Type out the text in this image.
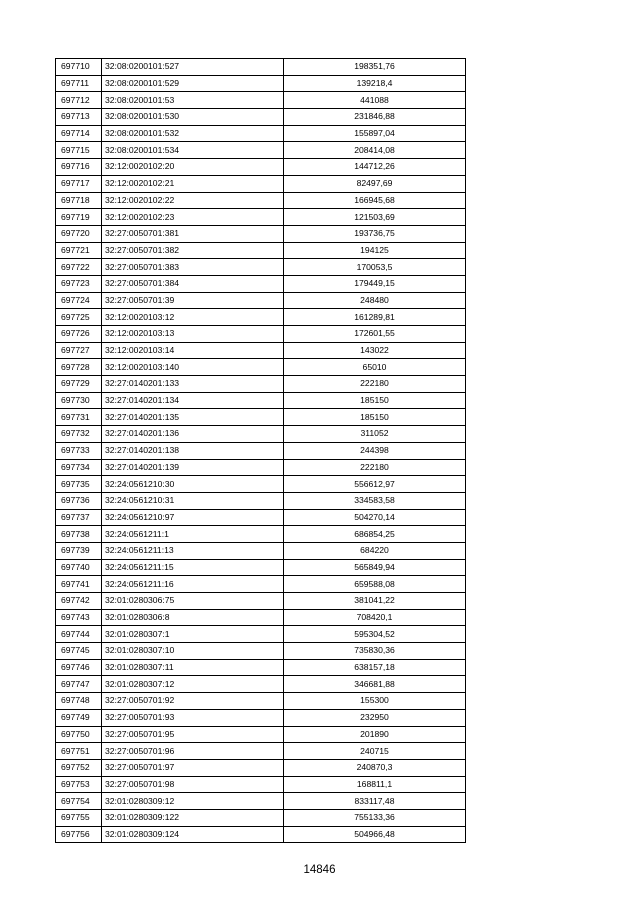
697710	32:08:0200101:527	198351,76
697711	32:08:0200101:529	139218,4
697712	32:08:0200101:53	441088
697713	32:08:0200101:530	231846,88
697714	32:08:0200101:532	155897,04
697715	32:08:0200101:534	208414,08
697716	32:12:0020102:20	144712,26
697717	32:12:0020102:21	82497,69
697718	32:12:0020102:22	166945,68
697719	32:12:0020102:23	121503,69
697720	32:27:0050701:381	193736,75
697721	32:27:0050701:382	194125
697722	32:27:0050701:383	170053,5
697723	32:27:0050701:384	179449,15
697724	32:27:0050701:39	248480
697725	32:12:0020103:12	161289,81
697726	32:12:0020103:13	172601,55
697727	32:12:0020103:14	143022
697728	32:12:0020103:140	65010
697729	32:27:0140201:133	222180
697730	32:27:0140201:134	185150
697731	32:27:0140201:135	185150
697732	32:27:0140201:136	311052
697733	32:27:0140201:138	244398
697734	32:27:0140201:139	222180
697735	32:24:0561210:30	556612,97
697736	32:24:0561210:31	334583,58
697737	32:24:0561210:97	504270,14
697738	32:24:0561211:1	686854,25
697739	32:24:0561211:13	684220
697740	32:24:0561211:15	565849,94
697741	32:24:0561211:16	659588,08
697742	32:01:0280306:75	381041,22
697743	32:01:0280306:8	708420,1
697744	32:01:0280307:1	595304,52
697745	32:01:0280307:10	735830,36
697746	32:01:0280307:11	638157,18
697747	32:01:0280307:12	346681,88
697748	32:27:0050701:92	155300
697749	32:27:0050701:93	232950
697750	32:27:0050701:95	201890
697751	32:27:0050701:96	240715
697752	32:27:0050701:97	240870,3
697753	32:27:0050701:98	168811,1
697754	32:01:0280309:12	833117,48
697755	32:01:0280309:122	755133,36
697756	32:01:0280309:124	504966,48
14846
